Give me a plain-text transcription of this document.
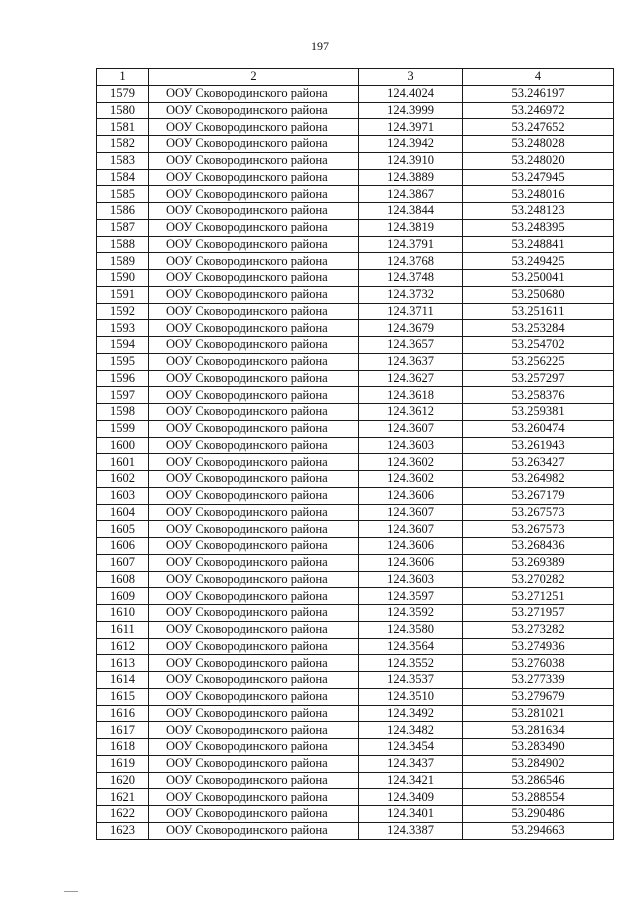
197
1	2	3	4
1579	ООУ Сковородинского района	124.4024	53.246197
1580	ООУ Сковородинского района	124.3999	53.246972
1581	ООУ Сковородинского района	124.3971	53.247652
1582	ООУ Сковородинского района	124.3942	53.248028
1583	ООУ Сковородинского района	124.3910	53.248020
1584	ООУ Сковородинского района	124.3889	53.247945
1585	ООУ Сковородинского района	124.3867	53.248016
1586	ООУ Сковородинского района	124.3844	53.248123
1587	ООУ Сковородинского района	124.3819	53.248395
1588	ООУ Сковородинского района	124.3791	53.248841
1589	ООУ Сковородинского района	124.3768	53.249425
1590	ООУ Сковородинского района	124.3748	53.250041
1591	ООУ Сковородинского района	124.3732	53.250680
1592	ООУ Сковородинского района	124.3711	53.251611
1593	ООУ Сковородинского района	124.3679	53.253284
1594	ООУ Сковородинского района	124.3657	53.254702
1595	ООУ Сковородинского района	124.3637	53.256225
1596	ООУ Сковородинского района	124.3627	53.257297
1597	ООУ Сковородинского района	124.3618	53.258376
1598	ООУ Сковородинского района	124.3612	53.259381
1599	ООУ Сковородинского района	124.3607	53.260474
1600	ООУ Сковородинского района	124.3603	53.261943
1601	ООУ Сковородинского района	124.3602	53.263427
1602	ООУ Сковородинского района	124.3602	53.264982
1603	ООУ Сковородинского района	124.3606	53.267179
1604	ООУ Сковородинского района	124.3607	53.267573
1605	ООУ Сковородинского района	124.3607	53.267573
1606	ООУ Сковородинского района	124.3606	53.268436
1607	ООУ Сковородинского района	124.3606	53.269389
1608	ООУ Сковородинского района	124.3603	53.270282
1609	ООУ Сковородинского района	124.3597	53.271251
1610	ООУ Сковородинского района	124.3592	53.271957
1611	ООУ Сковородинского района	124.3580	53.273282
1612	ООУ Сковородинского района	124.3564	53.274936
1613	ООУ Сковородинского района	124.3552	53.276038
1614	ООУ Сковородинского района	124.3537	53.277339
1615	ООУ Сковородинского района	124.3510	53.279679
1616	ООУ Сковородинского района	124.3492	53.281021
1617	ООУ Сковородинского района	124.3482	53.281634
1618	ООУ Сковородинского района	124.3454	53.283490
1619	ООУ Сковородинского района	124.3437	53.284902
1620	ООУ Сковородинского района	124.3421	53.286546
1621	ООУ Сковородинского района	124.3409	53.288554
1622	ООУ Сковородинского района	124.3401	53.290486
1623	ООУ Сковородинского района	124.3387	53.294663
